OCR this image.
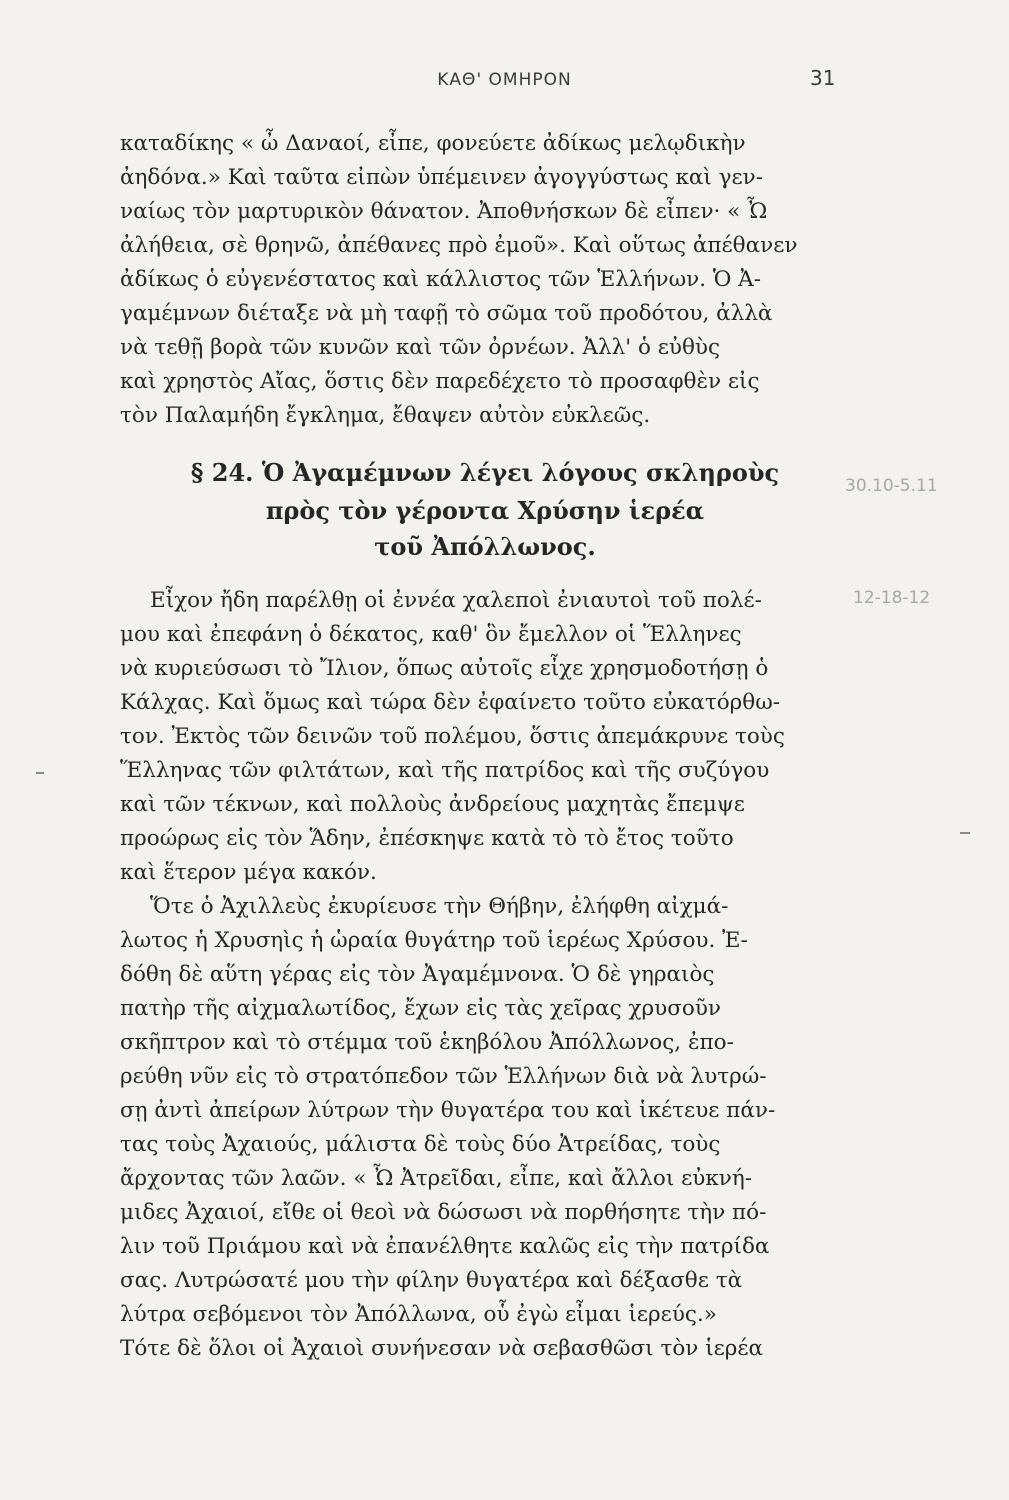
ΚΑΘ' ΟΜΗΡΟΝ	31
καταδίκης « ὦ Δαναοί, εἶπε, φονεύετε ἀδίκως μελῳδικὴν
ἀηδόνα.» Καὶ ταῦτα εἰπὼν ὑπέμεινεν ἀγογγύστως καὶ γεν-
ναίως τὸν μαρτυρικὸν θάνατον. Ἀποθνήσκων δὲ εἶπεν· « Ὦ
ἀλήθεια, σὲ θρηνῶ, ἀπέθανες πρὸ ἐμοῦ». Καὶ οὕτως ἀπέθανεν
ἀδίκως ὁ εὐγενέστατος καὶ κάλλιστος τῶν Ἑλλήνων. Ὁ Ἀ-
γαμέμνων διέταξε νὰ μὴ ταφῇ τὸ σῶμα τοῦ προδότου, ἀλλὰ
νὰ τεθῇ βορὰ τῶν κυνῶν καὶ τῶν ὀρνέων. Ἀλλ' ὁ εὐθὺς
καὶ χρηστὸς Αἴας, ὅστις δὲν παρεδέχετο τὸ προσαφθὲν εἰς
τὸν Παλαμήδη ἔγκλημα, ἔθαψεν αὐτὸν εὐκλεῶς.
§ 24. Ὁ Ἀγαμέμνων λέγει λόγους σκληροὺς
πρὸς τὸν γέροντα Χρύσην ἱερέα
τοῦ Ἀπόλλωνος.
Εἶχον ἤδη παρέλθῃ οἱ ἐννέα χαλεποὶ ἐνιαυτοὶ τοῦ πολέ-
μου καὶ ἐπεφάνη ὁ δέκατος, καθ' ὃν ἔμελλον οἱ Ἕλληνες
νὰ κυριεύσωσι τὸ Ἴλιον, ὅπως αὐτοῖς εἶχε χρησμοδοτήσῃ ὁ
Κάλχας. Καὶ ὅμως καὶ τώρα δὲν ἐφαίνετο τοῦτο εὐκατόρθω-
τον. Ἐκτὸς τῶν δεινῶν τοῦ πολέμου, ὅστις ἀπεμάκρυνε τοὺς
Ἕλληνας τῶν φιλτάτων, καὶ τῆς πατρίδος καὶ τῆς συζύγου
καὶ τῶν τέκνων, καὶ πολλοὺς ἀνδρείους μαχητὰς ἔπεμψε
προώρως εἰς τὸν Ἅδην, ἐπέσκηψε κατὰ τὸ τὸ ἔτος τοῦτο
καὶ ἕτερον μέγα κακόν.
Ὅτε ὁ Ἀχιλλεὺς ἐκυρίευσε τὴν Θήβην, ἐλήφθη αἰχμά-
λωτος ἡ Χρυσηὶς ἡ ὡραία θυγάτηρ τοῦ ἱερέως Χρύσου. Ἐ-
δόθη δὲ αὕτη γέρας εἰς τὸν Ἀγαμέμνονα. Ὁ δὲ γηραιὸς
πατὴρ τῆς αἰχμαλωτίδος, ἔχων εἰς τὰς χεῖρας χρυσοῦν
σκῆπτρον καὶ τὸ στέμμα τοῦ ἑκηβόλου Ἀπόλλωνος, ἐπο-
ρεύθη νῦν εἰς τὸ στρατόπεδον τῶν Ἑλλήνων διὰ νὰ λυτρώ-
σῃ ἀντὶ ἀπείρων λύτρων τὴν θυγατέρα του καὶ ἱκέτευε πάν-
τας τοὺς Ἀχαιούς, μάλιστα δὲ τοὺς δύο Ἀτρείδας, τοὺς
ἄρχοντας τῶν λαῶν. « Ὦ Ἀτρεῖδαι, εἶπε, καὶ ἄλλοι εὐκνή-
μιδες Ἀχαιοί, εἴθε οἱ θεοὶ νὰ δώσωσι νὰ πορθήσητε τὴν πό-
λιν τοῦ Πριάμου καὶ νὰ ἐπανέλθητε καλῶς εἰς τὴν πατρίδα
σας. Λυτρώσατέ μου τὴν φίλην θυγατέρα καὶ δέξασθε τὰ
λύτρα σεβόμενοι τὸν Ἀπόλλωνα, οὗ ἐγὼ εἶμαι ἱερεύς.»
Τότε δὲ ὅλοι οἱ Ἀχαιοὶ συνήνεσαν νὰ σεβασθῶσι τὸν ἱερέα
30.10-5.11
12-18-12
